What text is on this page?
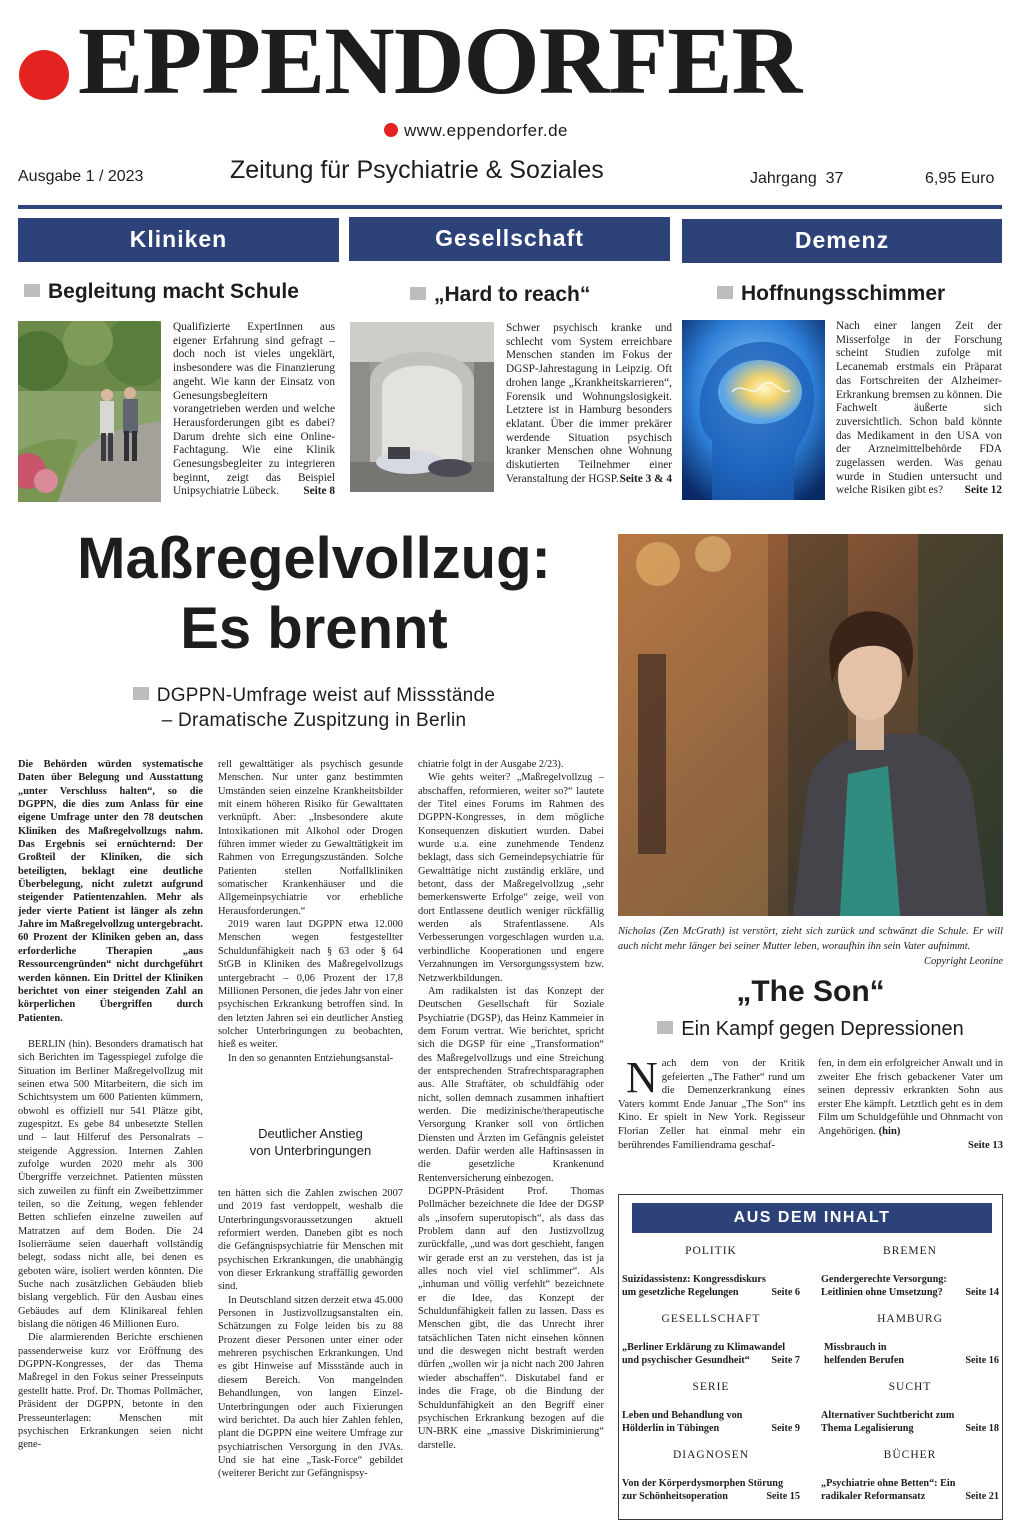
EPPENDORFER
www.eppendorfer.de
Ausgabe 1 / 2023	Zeitung für Psychiatrie & Soziales	Jahrgang  37	6,95 Euro
Kliniken	Gesellschaft	Demenz
Begleitung macht Schule
Qualifizierte ExpertInnen aus eigener Erfahrung sind gefragt – doch noch ist vieles ungeklärt, insbesondere was die Finanzierung angeht. Wie kann der Einsatz von Genesungsbegleitern vorangetrieben werden und welche Herausforderungen gibt es dabei? Darum drehte sich eine Online-Fachtagung. Wie eine Klinik Genesungsbegleiter zu integrieren beginnt, zeigt das Beispiel Unipsychiatrie Lübeck. Seite 8
„Hard to reach“
Schwer psychisch kranke und schlecht vom System erreichbare Menschen standen im Fokus der DGSP-Jahrestagung in Leipzig. Oft drohen lange „Krankheitskarrieren“, Forensik und Wohnungslosigkeit. Letztere ist in Hamburg besonders eklatant. Über die immer prekärer werdende Situation psychisch kranker Menschen ohne Wohnung diskutierten Teilnehmer einer Veranstaltung der HGSP. Seite 3 & 4
Hoffnungsschimmer
Nach einer langen Zeit der Misserfolge in der Forschung scheint Studien zufolge mit Lecanemab erstmals ein Präparat das Fortschreiten der Alzheimer-Erkrankung bremsen zu können. Die Fachwelt äußerte sich zuversichtlich. Schon bald könnte das Medikament in den USA von der Arzneimittelbehörde FDA zugelassen werden. Was genau wurde in Studien untersucht und welche Risiken gibt es? Seite 12
Maßregelvollzug:
Es brennt
DGPPN-Umfrage weist auf Missstände
– Dramatische Zuspitzung in Berlin

Die Behörden würden systematische Daten über Belegung und Ausstattung „unter Verschluss halten“, so die DGPPN, die dies zum Anlass für eine eigene Umfrage unter den 78 deutschen Kliniken des Maßregelvollzugs nahm. Das Ergebnis sei ernüchternd: Der Großteil der Kliniken, die sich beteiligten, beklagt eine deutliche Überbelegung, nicht zuletzt aufgrund steigender Patientenzahlen. Mehr als jeder vierte Patient ist länger als zehn Jahre im Maßregelvollzug untergebracht. 60 Prozent der Kliniken geben an, dass erforderliche Therapien „aus Ressourcengründen“ nicht durchgeführt werden können. Ein Drittel der Kliniken berichtet von einer steigenden Zahl an körperlichen Übergriffen durch Patienten.

BERLIN (hin). Besonders dramatisch hat sich Berichten im Tagesspiegel zufolge die Situation im Berliner Maßregelvollzug mit seinen etwa 500 Mitarbeitern, die sich im Schichtsystem um 600 Patienten kümmern, obwohl es offiziell nur 541 Plätze gibt, zugespitzt. Es gebe 84 unbesetzte Stellen und – laut Hilferuf des Personalrats – steigende Aggression. Internen Zahlen zufolge wurden 2020 mehr als 300 Übergriffe verzeichnet. Patienten müssten sich zuweilen zu fünft ein Zweibettzimmer teilen, so die Zeitung, wegen fehlender Betten schliefen einzelne zuweilen auf Matratzen auf dem Boden. Die 24 Isolierräume seien dauerhaft vollständig belegt, sodass nicht alle, bei denen es geboten wäre, isoliert werden könnten. Die Suche nach zusätzlichen Gebäuden blieb bislang vergeblich. Für den Ausbau eines Gebäudes auf dem Klinikareal fehlen bislang die nötigen 46 Millionen Euro.

Die alarmierenden Berichte erschienen passenderweise kurz vor Eröffnung des DGPPN-Kongresses, der das Thema Maßregel in den Fokus seiner Presseinputs gestellt hatte. Prof. Dr. Thomas Pollmächer, Präsident der DGPPN, betonte in den Presseunterlagen: Menschen mit psychischen Erkrankungen seien nicht gene-

rell gewalttätiger als psychisch gesunde Menschen. Nur unter ganz bestimmten Umständen seien einzelne Krankheitsbilder mit einem höheren Risiko für Gewalttaten verknüpft. Aber: „Insbesondere akute Intoxikationen mit Alkohol oder Drogen führen immer wieder zu Gewalttätigkeit im Rahmen von Erregungszuständen. Solche Patienten stellen Notfallkliniken somatischer Krankenhäuser und die Allgemeinpsychiatrie vor erhebliche Herausforderungen.“

2019 waren laut DGPPN etwa 12.000 Menschen wegen festgestellter Schuldunfähigkeit nach § 63 oder § 64 StGB in Kliniken des Maßregelvollzugs untergebracht – 0,06 Prozent der 17,8 Millionen Personen, die jedes Jahr von einer psychischen Erkrankung betroffen sind. In den letzten Jahren sei ein deutlicher Anstieg solcher Unterbringungen zu beobachten, hieß es weiter.

In den so genannten Entziehungsanstal-

Deutlicher Anstieg
von Unterbringungen

ten hätten sich die Zahlen zwischen 2007 und 2019 fast verdoppelt, weshalb die Unterbringungsvoraussetzungen aktuell reformiert werden. Daneben gibt es noch die Gefängnispsychiatrie für Menschen mit psychischen Erkrankungen, die unabhängig von dieser Erkrankung straffällig geworden sind.

In Deutschland sitzen derzeit etwa 45.000 Personen in Justizvollzugsanstalten ein. Schätzungen zu Folge leiden bis zu 88 Prozent dieser Personen unter einer oder mehreren psychischen Erkrankungen. Und es gibt Hinweise auf Missstände auch in diesem Bereich. Von mangelnden Behandlungen, von langen Einzel-Unterbringungen oder auch Fixierungen wird berichtet. Da auch hier Zahlen fehlen, plant die DGPPN eine weitere Umfrage zur psychiatrischen Versorgung in den JVAs. Und sie hat eine „Task-Force“ gebildet (weiterer Bericht zur Gefängnispsy-

chiatrie folgt in der Ausgabe 2/23).

Wie gehts weiter? „Maßregelvollzug – abschaffen, reformieren, weiter so?“ lautete der Titel eines Forums im Rahmen des DGPPN-Kongresses, in dem mögliche Konsequenzen diskutiert wurden. Dabei wurde u.a. eine zunehmende Tendenz beklagt, dass sich Gemeindepsychiatrie für Gewalttätige nicht zuständig erkläre, und betont, dass der Maßregelvollzug „sehr bemerkenswerte Erfolge“ zeige, weil von dort Entlassene deutlich weniger rückfällig werden als Strafentlassene. Als Verbesserungen vorgeschlagen wurden u.a. verbindliche Kooperationen und engere Verzahnungen im Versorgungssystem bzw. Netzwerkbildungen.

Am radikalsten ist das Konzept der Deutschen Gesellschaft für Soziale Psychiatrie (DGSP), das Heinz Kammeier in dem Forum vertrat. Wie berichtet, spricht sich die DGSP für eine „Transformation“ des Maßregelvollzugs und eine Streichung der entsprechenden Strafrechtsparagraphen aus. Alle Straftäter, ob schuldfähig oder nicht, sollen demnach zusammen inhaftiert werden. Die medizinische/therapeutische Versorgung Kranker soll von örtlichen Diensten und Ärzten im Gefängnis geleistet werden. Dafür werden alle Haftinsassen in die gesetzliche Krankenund Rentenversicherung einbezogen.

DGPPN-Präsident Prof. Thomas Pollmächer bezeichnete die Idee der DGSP als „insofern superutopisch“, als dass das Problem dann auf den Justizvollzug zurückfalle, „und was dort geschieht, fangen wir gerade erst an zu verstehen, das ist ja alles noch viel viel schlimmer“. Als „inhuman und völlig verfehlt“ bezeichnete er die Idee, das Konzept der Schuldunfähigkeit fallen zu lassen. Dass es Menschen gibt, die das Unrecht ihrer tatsächlichen Taten nicht einsehen können und die deswegen nicht bestraft werden dürfen „wollen wir ja nicht nach 200 Jahren wieder abschaffen“. Diskutabel fand er indes die Frage, ob die Bindung der Schuldunfähigkeit an den Begriff einer psychischen Erkrankung bezogen auf die UN-BRK eine „massive Diskriminierung“ darstelle.

Nicholas (Zen McGrath) ist verstört, zieht sich zurück und schwänzt die Schule. Er will auch nicht mehr länger bei seiner Mutter leben, woraufhin ihn sein Vater aufnimmt.
Copyright Leonine
„The Son“
Ein Kampf gegen Depressionen
Nach dem von der Kritik gefeierten „The Father“ rund um die Demenzerkrankung eines Vaters kommt Ende Januar „The Son“ ins Kino. Er spielt in New York. Regisseur Florian Zeller hat einmal mehr ein berührendes Familiendrama geschaf-
fen, in dem ein erfolgreicher Anwalt und in zweiter Ehe frisch gebackener Vater um seinen depressiv erkrankten Sohn aus erster Ehe kämpft. Letztlich geht es in dem Film um Schuldgefühle und Ohnmacht von Angehörigen. (hin)
Seite 13
AUS DEM INHALT
POLITIK
Suizidassistenz: Kongressdiskurs
um gesetzliche Regelungen	Seite 6
GESELLSCHAFT
„Berliner Erklärung zu Klimawandel
und psychischer Gesundheit“	Seite 7
SERIE
Leben und Behandlung von
Hölderlin in Tübingen	Seite 9
DIAGNOSEN
Von der Körperdysmorphen Störung
zur Schönheitsoperation	Seite 15
BREMEN
Gendergerechte Versorgung:
Leitlinien ohne Umsetzung?	Seite 14
HAMBURG
Missbrauch in
helfenden Berufen	Seite 16
SUCHT
Alternativer Suchtbericht zum
Thema Legalisierung	Seite 18
BÜCHER
„Psychiatrie ohne Betten“: Ein
radikaler Reformansatz	Seite 21
